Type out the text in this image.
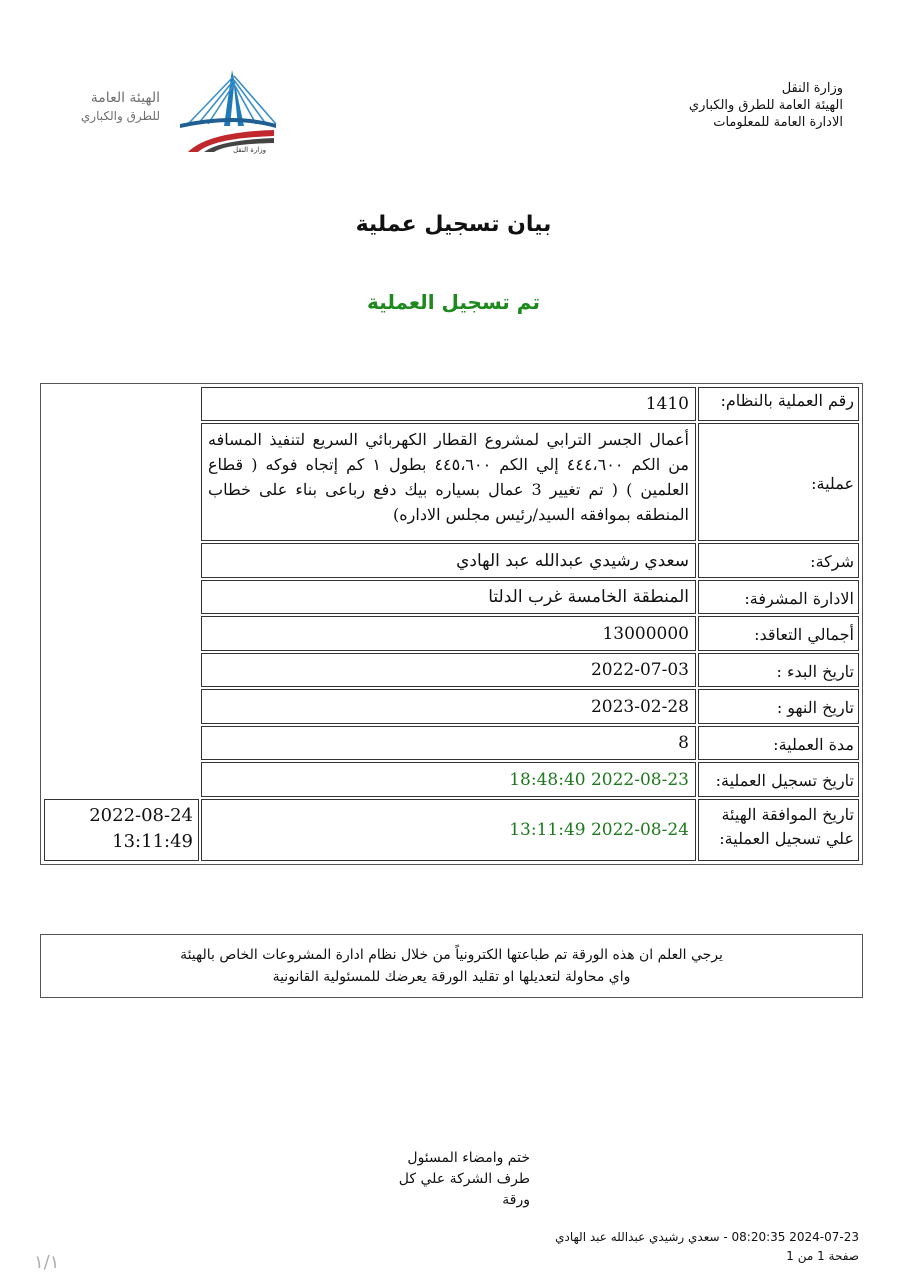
وزارة النقل
الهيئة العامة للطرق والكباري
الادارة العامة للمعلومات
الهيئة العامة
للطرق والكباري
وزارة النقل
بيان تسجيل عملية
تم تسجيل العملية
رقم العملية بالنظام:
1410
عملية:
أعمال الجسر الترابي لمشروع القطار الكهربائي السريع لتنفيذ المسافه من الكم ٤٤٤،٦٠٠ إلي الكم ٤٤٥،٦٠٠ بطول ١ كم إتجاه فوكه ( قطاع العلمين ) ( تم تغيير 3 عمال بسياره بيك دفع رباعى بناء على خطاب المنطقه بموافقه السيد/رئيس مجلس الاداره)
شركة:
سعدي رشيدي عبدالله عبد الهادي
الادارة المشرفة:
المنطقة الخامسة غرب الدلتا
أجمالي التعاقد:
13000000
تاريخ البدء :
2022-07-03
تاريخ النهو :
2023-02-28
مدة العملية:
8
تاريخ تسجيل العملية:
2022-08-23 18:48:40
تاريخ الموافقة الهيئة علي تسجيل العملية:
2022-08-24 13:11:49
2022-08-24
13:11:49
يرجي العلم ان هذه الورقة تم طباعتها الكترونياً من خلال نظام ادارة المشروعات الخاص بالهيئة
واي محاولة لتعديلها او تقليد الورقة يعرضك للمسئولية القانونية
ختم وامضاء المسئول
طرف الشركة علي كل
ورقة
2024-07-23 08:20:35 - سعدي رشيدي عبدالله عبد الهادي
صفحة 1 من 1
١/١
